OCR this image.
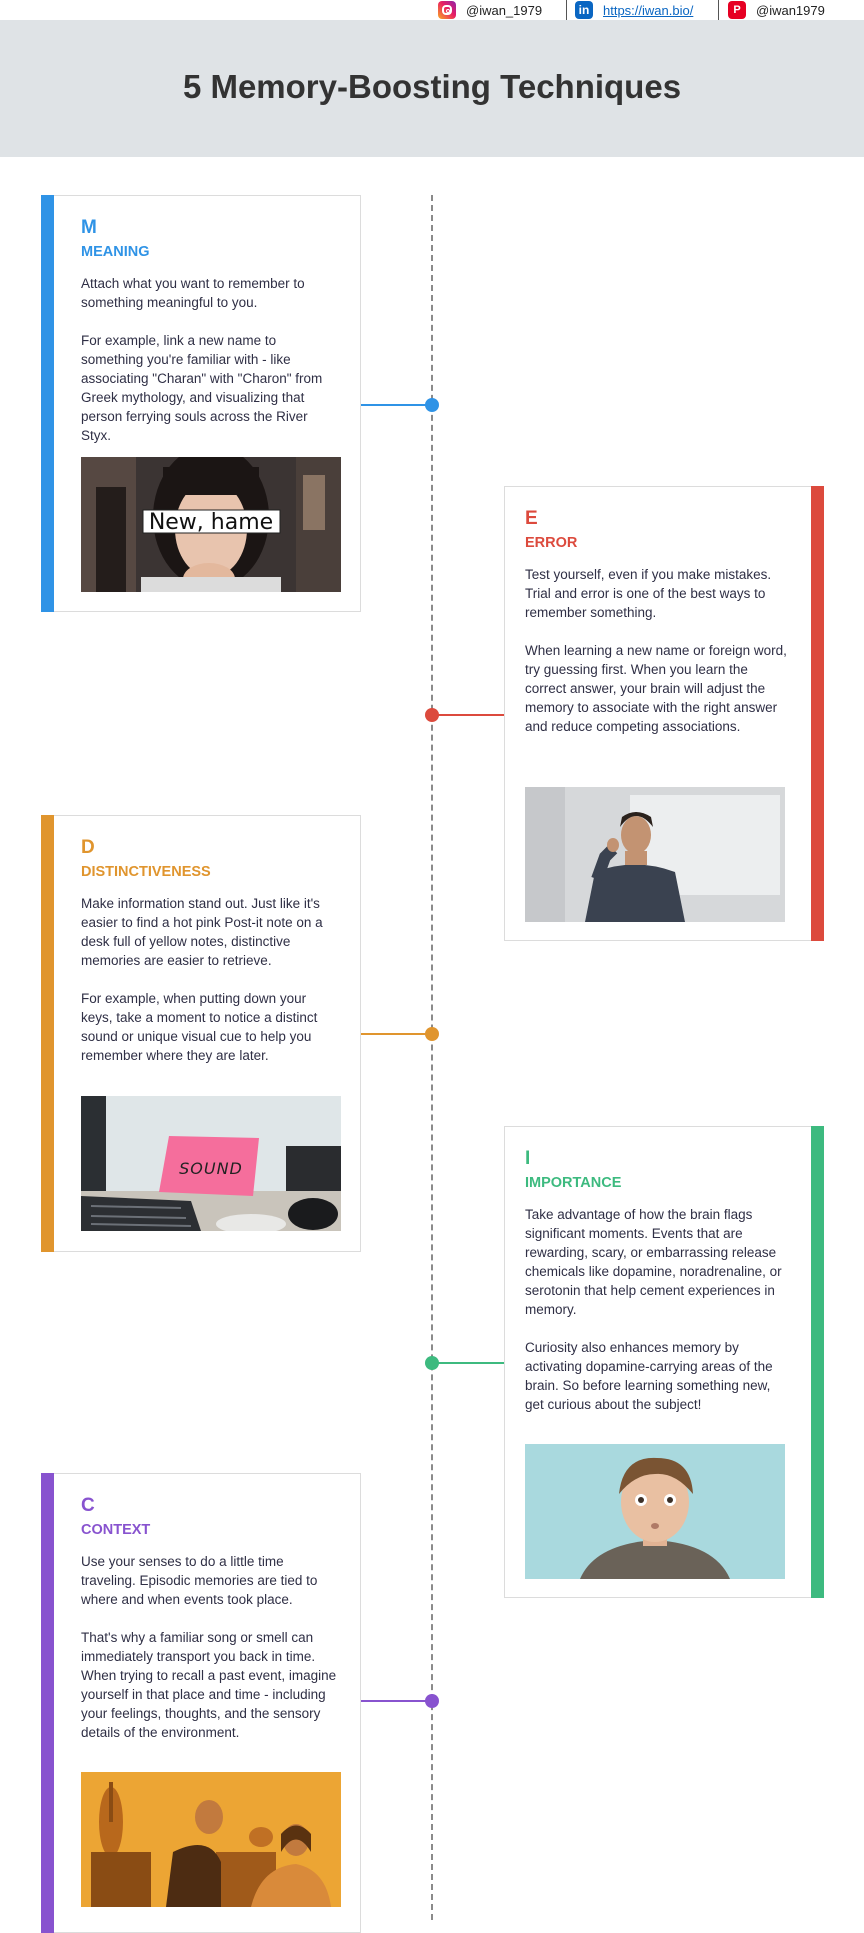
@iwan_1979	in https://iwan.bio/	P	@iwan1979
5 Memory-Boosting Techniques
M
MEANING
Attach what you want to remember to something meaningful to you.
For example, link a new name to something you're familiar with - like associating "Charan" with "Charon" from Greek mythology, and visualizing that person ferrying souls across the River Styx.
New, hame	E
ERROR
Test yourself, even if you make mistakes. Trial and error is one of the best ways to remember something.
When learning a new name or foreign word, try guessing first. When you learn the correct answer, your brain will adjust the memory to associate with the right answer and reduce competing associations.
D
DISTINCTIVENESS
Make information stand out. Just like it's easier to find a hot pink Post-it note on a desk full of yellow notes, distinctive memories are easier to retrieve.
For example, when putting down your keys, take a moment to notice a distinct sound or unique visual cue to help you remember where they are later.
SOUND	I
IMPORTANCE
Take advantage of how the brain flags significant moments. Events that are rewarding, scary, or embarrassing release chemicals like dopamine, noradrenaline, or serotonin that help cement experiences in memory.
Curiosity also enhances memory by activating dopamine-carrying areas of the brain. So before learning something new, get curious about the subject!
C
CONTEXT
Use your senses to do a little time traveling. Episodic memories are tied to where and when events took place.
That's why a familiar song or smell can immediately transport you back in time. When trying to recall a past event, imagine yourself in that place and time - including your feelings, thoughts, and the sensory details of the environment.
